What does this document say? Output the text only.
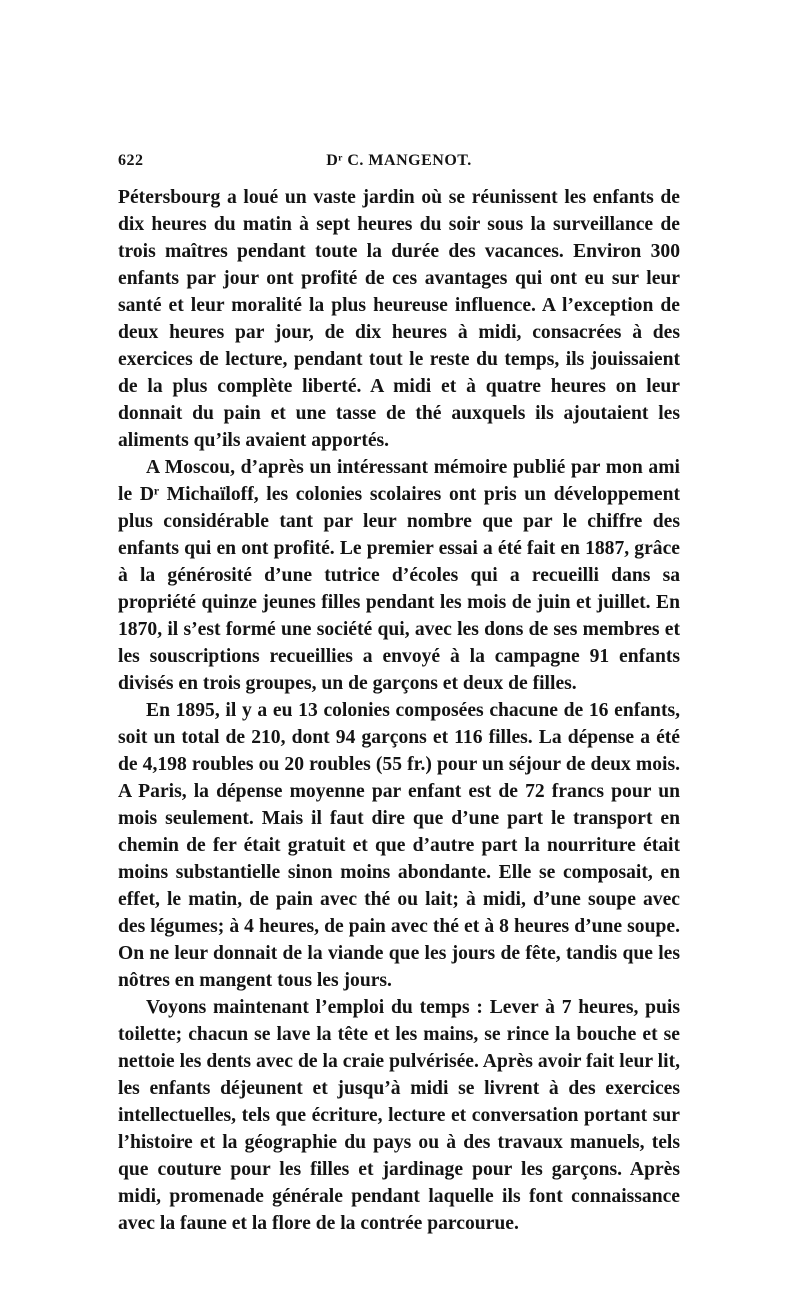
622	Dʳ C. MANGENOT.

Pétersbourg a loué un vaste jardin où se réunissent les enfants de dix heures du matin à sept heures du soir sous la surveillance de trois maîtres pendant toute la durée des vacances. Environ 300 enfants par jour ont profité de ces avantages qui ont eu sur leur santé et leur moralité la plus heureuse influence. A l’exception de deux heures par jour, de dix heures à midi, consacrées à des exercices de lecture, pendant tout le reste du temps, ils jouissaient de la plus complète liberté. A midi et à quatre heures on leur donnait du pain et une tasse de thé auxquels ils ajoutaient les aliments qu’ils avaient apportés.

A Moscou, d’après un intéressant mémoire publié par mon ami le Dʳ Michaïloff, les colonies scolaires ont pris un développement plus considérable tant par leur nombre que par le chiffre des enfants qui en ont profité. Le premier essai a été fait en 1887, grâce à la générosité d’une tutrice d’écoles qui a recueilli dans sa propriété quinze jeunes filles pendant les mois de juin et juillet. En 1870, il s’est formé une société qui, avec les dons de ses membres et les souscriptions recueillies a envoyé à la campagne 91 enfants divisés en trois groupes, un de garçons et deux de filles.

En 1895, il y a eu 13 colonies composées chacune de 16 enfants, soit un total de 210, dont 94 garçons et 116 filles. La dépense a été de 4,198 roubles ou 20 roubles (55 fr.) pour un séjour de deux mois. A Paris, la dépense moyenne par enfant est de 72 francs pour un mois seulement. Mais il faut dire que d’une part le transport en chemin de fer était gratuit et que d’autre part la nourriture était moins substantielle sinon moins abondante. Elle se composait, en effet, le matin, de pain avec thé ou lait; à midi, d’une soupe avec des légumes; à 4 heures, de pain avec thé et à 8 heures d’une soupe. On ne leur donnait de la viande que les jours de fête, tandis que les nôtres en mangent tous les jours.

Voyons maintenant l’emploi du temps : Lever à 7 heures, puis toilette; chacun se lave la tête et les mains, se rince la bouche et se nettoie les dents avec de la craie pulvérisée. Après avoir fait leur lit, les enfants déjeunent et jusqu’à midi se livrent à des exercices intellectuelles, tels que écriture, lecture et conversation portant sur l’histoire et la géographie du pays ou à des travaux manuels, tels que couture pour les filles et jardinage pour les garçons. Après midi, promenade générale pendant laquelle ils font connaissance avec la faune et la flore de la contrée parcourue.
